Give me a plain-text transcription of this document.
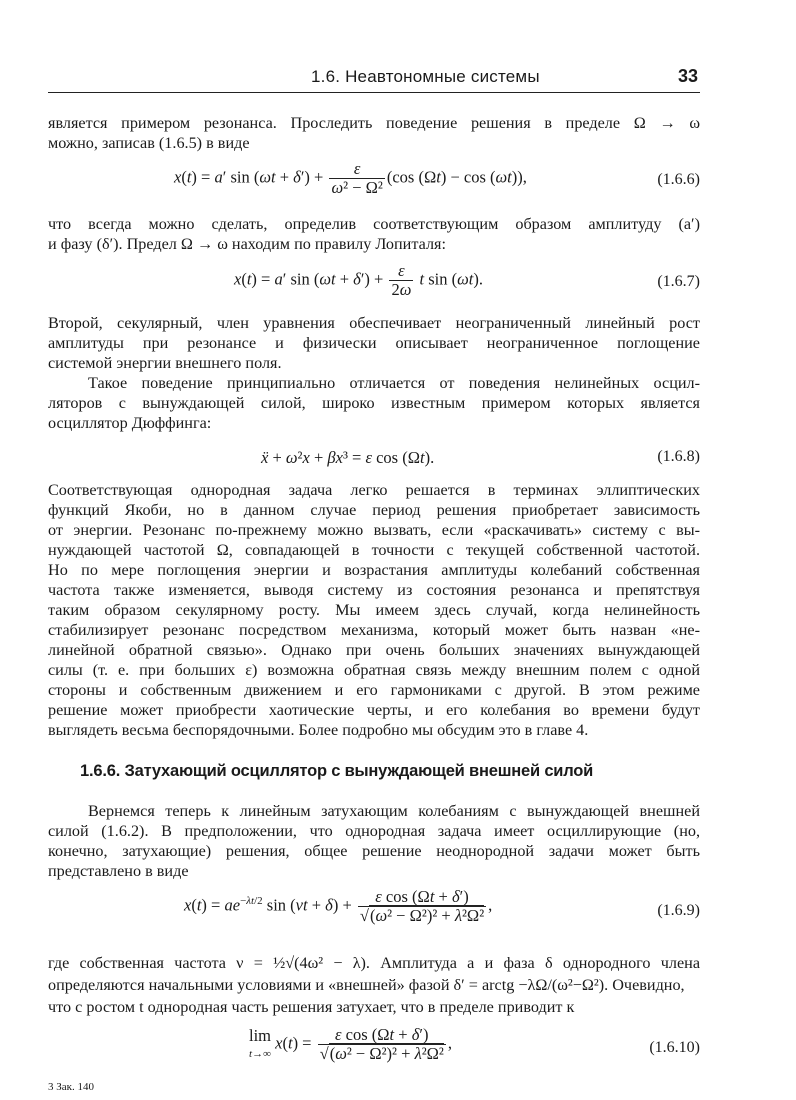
1.6. Неавтономные системы	33
является примером резонанса. Проследить поведение решения в пределе Ω → ω
можно, записав (1.6.5) в виде
x(t) = a′ $\sin (\omega t + \delta') + \frac{\varepsilon}{\text{ω² − Ω²}} (\cos$ (Ωt) − cos (ωt)),	(1.6.6)
что всегда можно сделать, определив соответствующим образом амплитуду (a′)
и фазу (δ′). Предел Ω → ω находим по правилу Лопиталя:
x(t) = a′ $\sin (\omega t + \delta') + \frac{\varepsilon}{2\omega}$ t sin (ωt).	(1.6.7)
Второй, секулярный, член уравнения обеспечивает неограниченный линейный рост
амплитуды при резонансе и физически описывает неограниченное поглощение
системой энергии внешнего поля.
Такое поведение принципиально отличается от поведения нелинейных осцил-
ляторов с вынуждающей силой, широко известным примером которых является
осциллятор Дюффинга:
ẍ + ω²x + βx³ = ε cos (Ωt).	(1.6.8)
Соответствующая однородная задача легко решается в терминах эллиптических
функций Якоби, но в данном случае период решения приобретает зависимость
от энергии. Резонанс по-прежнему можно вызвать, если «раскачивать» систему с вы-
нуждающей частотой Ω, совпадающей в точности с текущей собственной частотой.
Но по мере поглощения энергии и возрастания амплитуды колебаний собственная
частота также изменяется, выводя систему из состояния резонанса и препятствуя
таким образом секулярному росту. Мы имеем здесь случай, когда нелинейность
стабилизирует резонанс посредством механизма, который может быть назван «не-
линейной обратной связью». Однако при очень больших значениях вынуждающей
силы (т. е. при больших ε) возможна обратная связь между внешним полем с одной
стороны и собственным движением и его гармониками с другой. В этом режиме
решение может приобрести хаотические черты, и его колебания во времени будут
выглядеть весьма беспорядочными. Более подробно мы обсудим это в главе 4.
1.6.6. Затухающий осциллятор с вынуждающей внешней силой
Вернемся теперь к линейным затухающим колебаниям с вынуждающей внешней
силой (1.6.2). В предположении, что однородная задача имеет осциллирующие (но,
конечно, затухающие) решения, общее решение неоднородной задачи может быть
представлено в виде
$x(t) = ae^{-\lambda t/2}$ $\sin (\nu t + \delta) + \frac{\text{ε cos (Ωt + δ′)}}{\text{√(ω² − Ω²)² + λ²Ω²}}$ ,	(1.6.9)
где собственная частота ν = ½√(4ω² − λ). Амплитуда a и фаза δ однородного члена
определяются начальными условиями и «внешней» фазой δ′ = arctg −λΩ/(ω²−Ω²). Очевидно,
что с ростом t однородная часть решения затухает, что в пределе приводит к
lim
t→∞ $x(t) = \frac{\text{ε cos (Ωt + δ′)}}{\text{√(ω² − Ω²)² + λ²Ω²}}$ ,	(1.6.10)
3 Зак. 140
